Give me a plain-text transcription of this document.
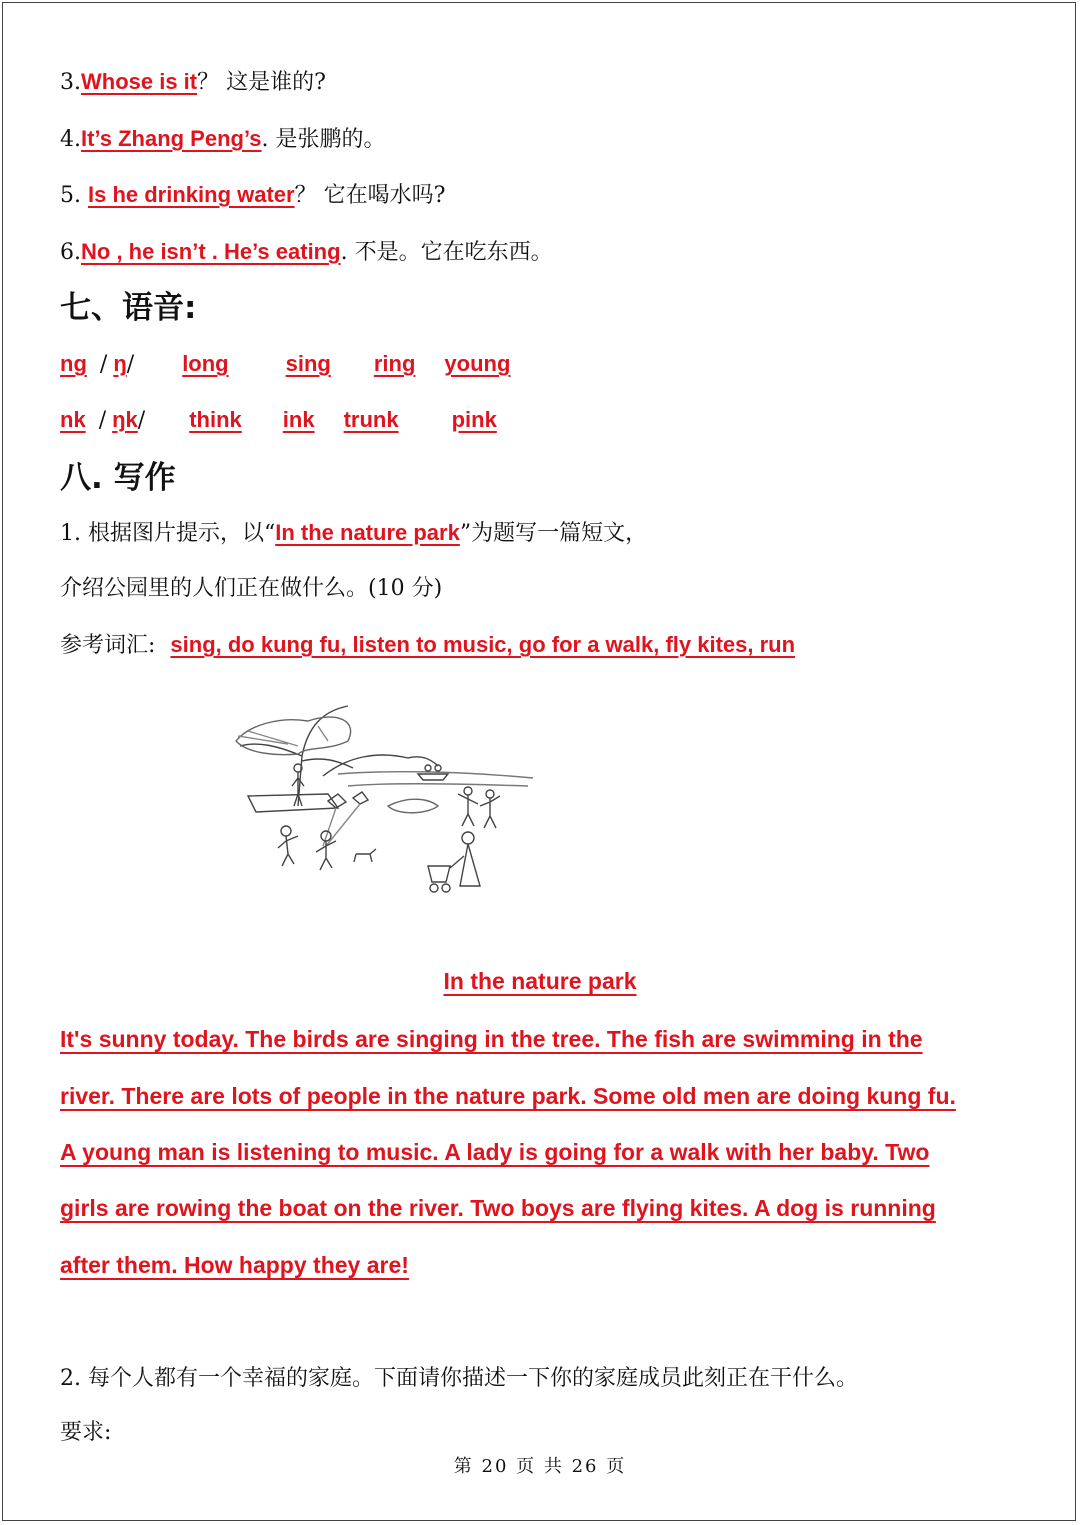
3.Whose is it？ 这是谁的?
4.It’s Zhang Peng’s. 是张鹏的。
5. Is he drinking water？ 它在喝水吗?
6.No , he isn’t . He’s eating. 不是。它在吃东西。
七、语音:
ng / ŋ/ long	sing ring young
nk / ŋk/ think ink trunk pink
八. 写作
1. 根据图片提示，以“In the nature park”为题写一篇短文，
介绍公园里的人们正在做什么。(10 分)
参考词汇: sing, do kung fu, listen to music, go for a walk, fly kites, run
In the nature park
It's sunny today. The birds are singing in the tree. The fish are swimming in the
river. There are lots of people in the nature park. Some old men are doing kung fu.
A young man is listening to music. A lady is going for a walk with her baby. Two
girls are rowing the boat on the river. Two boys are flying kites. A dog is running
after them. How happy they are!
2. 每个人都有一个幸福的家庭。下面请你描述一下你的家庭成员此刻正在干什么。
要求:
第 20 页 共 26 页
